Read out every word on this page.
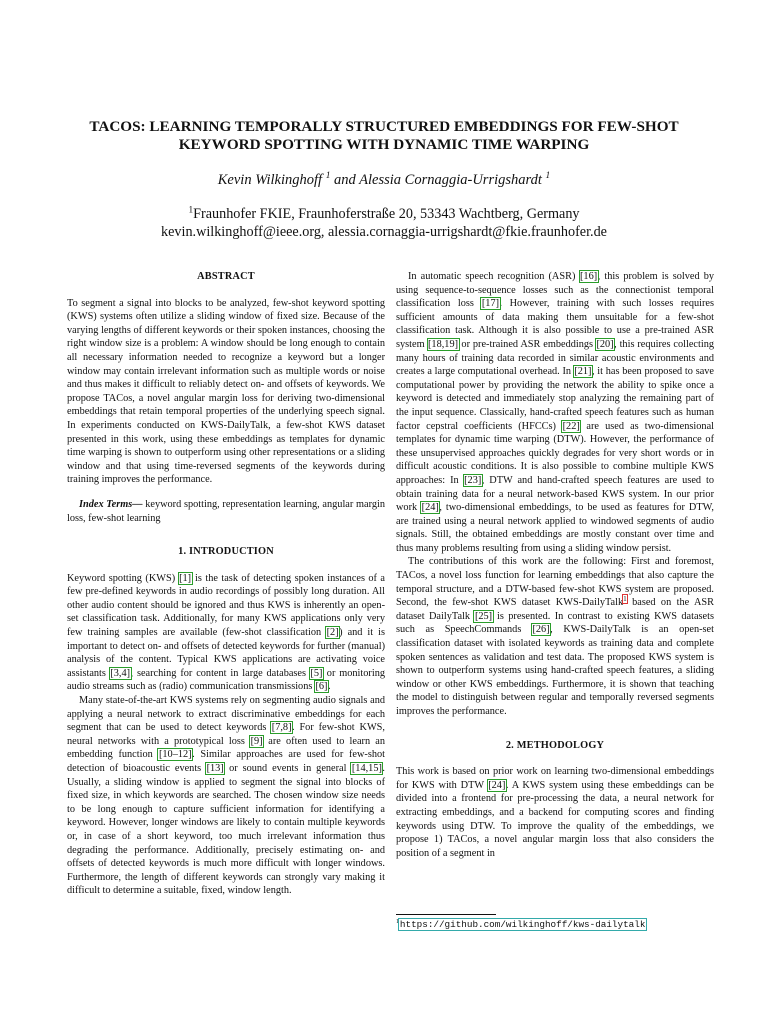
TACOS: LEARNING TEMPORALLY STRUCTURED EMBEDDINGS FOR FEW-SHOT
KEYWORD SPOTTING WITH DYNAMIC TIME WARPING
Kevin Wilkinghoff $^1$ and Alessia Cornaggia-Urrigshardt $^1$
$^1$Fraunhofer FKIE, Fraunhoferstraße 20, 53343 Wachtberg, Germany
kevin.wilkinghoff@ieee.org, alessia.cornaggia-urrigshardt@fkie.fraunhofer.de
ABSTRACT

To segment a signal into blocks to be analyzed, few-shot keyword spotting (KWS) systems often utilize a sliding window of fixed size. Because of the varying lengths of different keywords or their spoken instances, choosing the right window size is a problem: A window should be long enough to contain all necessary information needed to recognize a keyword but a longer window may contain irrelevant information such as multiple words or noise and thus makes it difficult to reliably detect on- and offsets of keywords. We propose TACos, a novel angular margin loss for deriving two-dimensional embeddings that retain temporal properties of the underlying speech signal. In experiments conducted on KWS-DailyTalk, a few-shot KWS dataset presented in this work, using these embeddings as templates for dynamic time warping is shown to outperform using other representations or a sliding window and that using time-reversed segments of the keywords during training improves the performance.

Index Terms— keyword spotting, representation learning, angular margin loss, few-shot learning

1. INTRODUCTION

Keyword spotting (KWS) [1] is the task of detecting spoken instances of a few pre-defined keywords in audio recordings of possibly long duration. All other audio content should be ignored and thus KWS is inherently an open-set classification task. Additionally, for many KWS applications only very few training samples are available (few-shot classification [2]) and it is important to detect on- and offsets of detected keywords for further (manual) analysis of the content. Typical KWS applications are activating voice assistants [3,4], searching for content in large databases [5] or monitoring audio streams such as (radio) communication transmissions [6].

Many state-of-the-art KWS systems rely on segmenting audio signals and applying a neural network to extract discriminative embeddings for each segment that can be used to detect keywords [7,8]. For few-shot KWS, neural networks with a prototypical loss [9] are often used to learn an embedding function [10–12]. Similar approaches are used for few-shot detection of bioacoustic events [13] or sound events in general [14,15]. Usually, a sliding window is applied to segment the signal into blocks of fixed size, in which keywords are searched. The chosen window size needs to be long enough to capture sufficient information for identifying a keyword. However, longer windows are likely to contain multiple keywords or, in case of a short keyword, too much irrelevant information thus degrading the performance. Additionally, precisely estimating on- and offsets of detected keywords is much more difficult with longer windows. Furthermore, the length of different keywords can strongly vary making it difficult to determine a suitable, fixed, window length.

In automatic speech recognition (ASR) [16], this problem is solved by using sequence-to-sequence losses such as the connectionist temporal classification loss [17]. However, training with such losses requires sufficient amounts of data making them unsuitable for a few-shot classification task. Although it is also possible to use a pre-trained ASR system [18,19] or pre-trained ASR embeddings [20], this requires collecting many hours of training data recorded in similar acoustic environments and creates a large computational overhead. In [21], it has been proposed to save computational power by providing the network the ability to spike once a keyword is detected and immediately stop analyzing the remaining part of the input sequence. Classically, hand-crafted speech features such as human factor cepstral coefficients (HFCCs) [22] are used as two-dimensional templates for dynamic time warping (DTW). However, the performance of these unsupervised approaches quickly degrades for very short words or in difficult acoustic conditions. It is also possible to combine multiple KWS approaches: In [23], DTW and hand-crafted speech features are used to obtain training data for a neural network-based KWS system. In our prior work [24], two-dimensional embeddings, to be used as features for DTW, are trained using a neural network applied to windowed segments of audio signals. Still, the obtained embeddings are mostly constant over time and thus many problems resulting from using a sliding window persist.

The contributions of this work are the following: First and foremost, TACos, a novel loss function for learning embeddings that also capture the temporal structure, and a DTW-based few-shot KWS system are proposed. Second, the few-shot KWS dataset KWS-DailyTalk$^1$ based on the ASR dataset DailyTalk [25] is presented. In contrast to existing KWS datasets such as SpeechCommands [26], KWS-DailyTalk is an open-set classification dataset with isolated keywords as training data and complete spoken sentences as validation and test data. The proposed KWS system is shown to outperform systems using hand-crafted speech features, a sliding window or other KWS embeddings. Furthermore, it is shown that teaching the model to distinguish between regular and temporally reversed segments improves the performance.

2. METHODOLOGY

This work is based on prior work on learning two-dimensional embeddings for KWS with DTW [24]. A KWS system using these embeddings can be divided into a frontend for pre-processing the data, a neural network for extracting embeddings, and a backend for computing scores and finding keywords using DTW. To improve the quality of the embeddings, we propose 1) TACos, a novel angular margin loss that also considers the position of a segment in

$^1$https://github.com/wilkinghoff/kws-dailytalk
